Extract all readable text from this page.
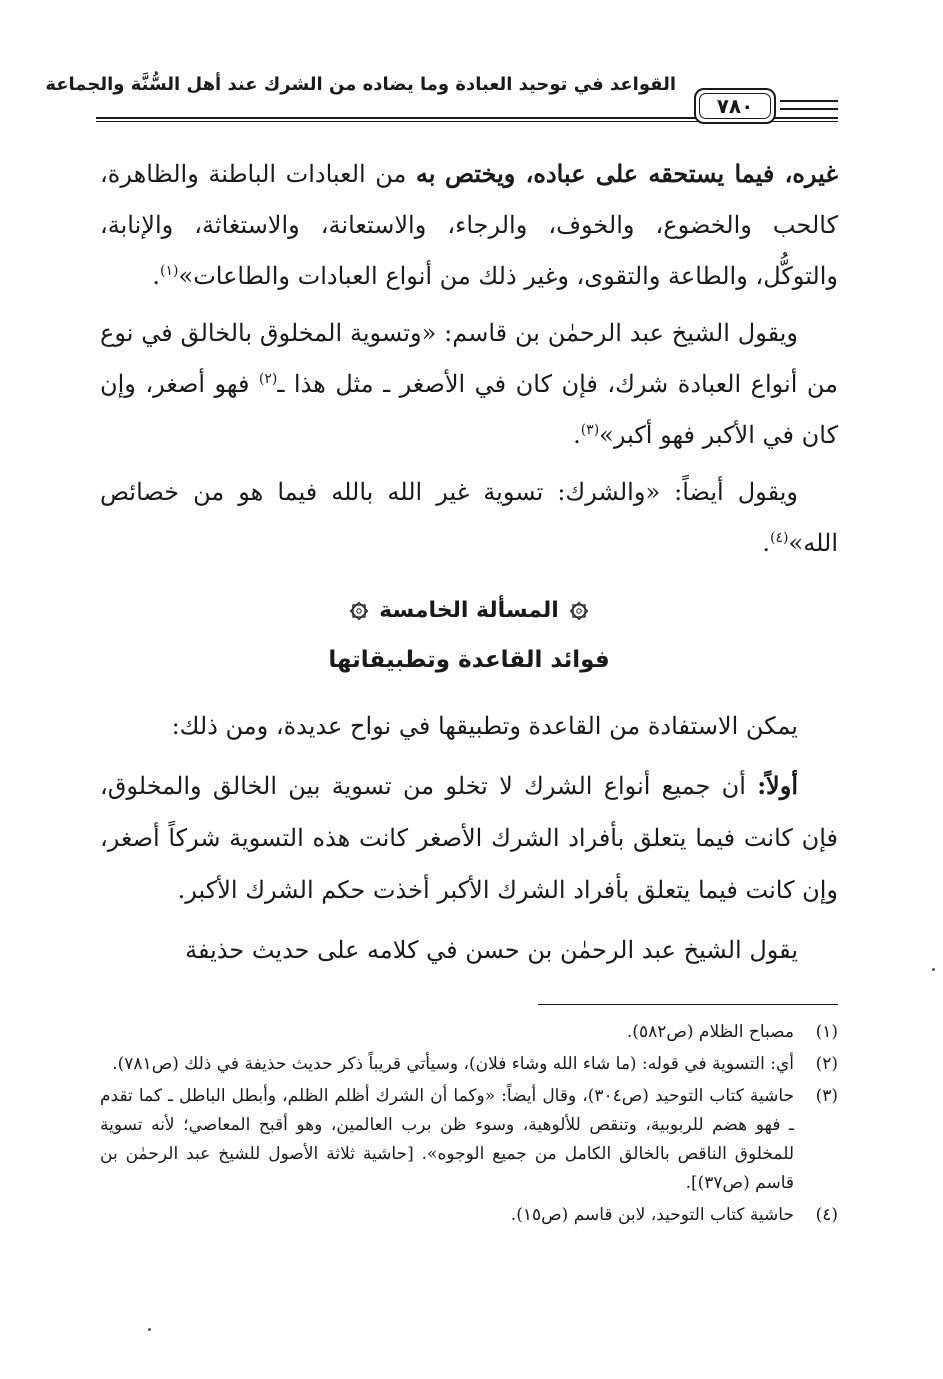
القواعد في توحيد العبادة وما يضاده من الشرك عند أهل السُّنَّة والجماعة
٧٨٠

غيره، فيما يستحقه على عباده، ويختص به من العبادات الباطنة والظاهرة، كالحب والخضوع، والخوف، والرجاء، والاستعانة، والاستغاثة، والإنابة، والتوكُّل، والطاعة والتقوى، وغير ذلك من أنواع العبادات والطاعات»$^{(١)}$.

ويقول الشيخ عبد الرحمٰن بن قاسم: «وتسوية المخلوق بالخالق في نوع من أنواع العبادة شرك، فإن كان في الأصغر ـ مثل هذا ـ$^{(٢)}$ فهو أصغر، وإن كان في الأكبر فهو أكبر»$^{(٣)}$.

ويقول أيضاً: «والشرك: تسوية غير الله بالله فيما هو من خصائص الله»$^{(٤)}$.

المسألة الخامسة
فوائد القاعدة وتطبيقاتها

يمكن الاستفادة من القاعدة وتطبيقها في نواح عديدة، ومن ذلك:

أولاً: أن جميع أنواع الشرك لا تخلو من تسوية بين الخالق والمخلوق، فإن كانت فيما يتعلق بأفراد الشرك الأصغر كانت هذه التسوية شركاً أصغر، وإن كانت فيما يتعلق بأفراد الشرك الأكبر أخذت حكم الشرك الأكبر.

يقول الشيخ عبد الرحمٰن بن حسن في كلامه على حديث حذيفة

(١)
مصباح الظلام (ص٥٨٢).
(٢)
أي: التسوية في قوله: (ما شاء الله وشاء فلان)، وسيأتي قريباً ذكر حديث حذيفة في ذلك (ص٧٨١).
(٣)
حاشية كتاب التوحيد (ص٣٠٤)، وقال أيضاً: «وكما أن الشرك أظلم الظلم، وأبطل الباطل ـ كما تقدم ـ فهو هضم للربوبية، وتنقص للألوهية، وسوء ظن برب العالمين، وهو أقبح المعاصي؛ لأنه تسوية للمخلوق الناقص بالخالق الكامل من جميع الوجوه». [حاشية ثلاثة الأصول للشيخ عبد الرحمٰن بن قاسم (ص٣٧)].
(٤)
حاشية كتاب التوحيد، لابن قاسم (ص١٥).
